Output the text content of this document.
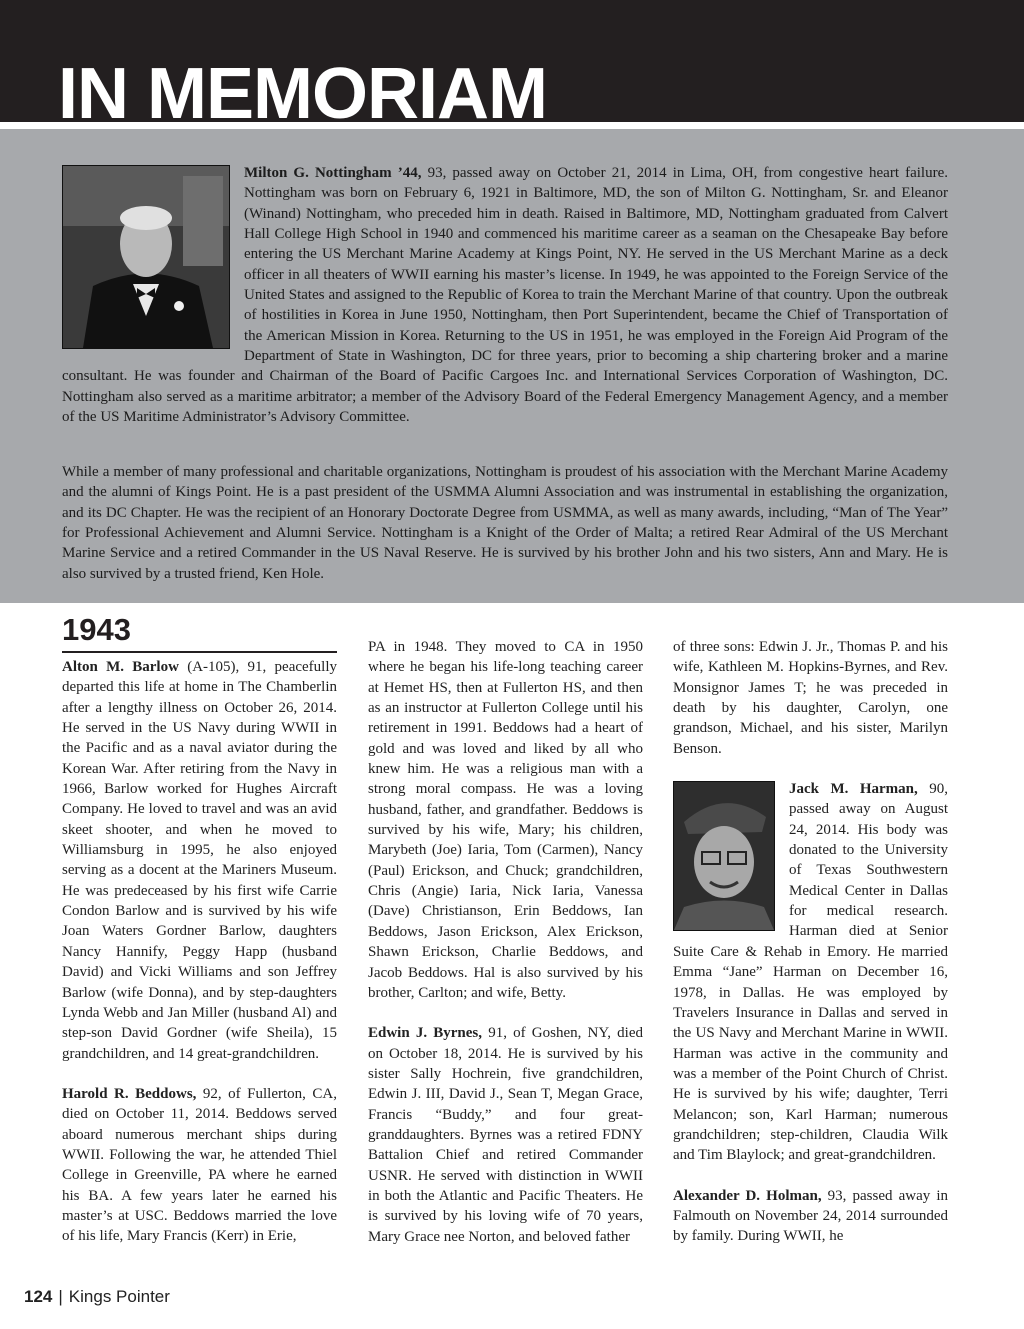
IN MEMORIAM
Milton G. Nottingham ’44, 93, passed away on October 21, 2014 in Lima, OH, from congestive heart failure. Nottingham was born on February 6, 1921 in Baltimore, MD, the son of Milton G. Nottingham, Sr. and Eleanor (Winand) Nottingham, who preceded him in death. Raised in Baltimore, MD, Nottingham graduated from Calvert Hall College High School in 1940 and commenced his maritime career as a seaman on the Chesapeake Bay before entering the US Merchant Marine Academy at Kings Point, NY. He served in the US Merchant Marine as a deck officer in all theaters of WWII earning his master’s license. In 1949, he was appointed to the Foreign Service of the United States and assigned to the Republic of Korea to train the Merchant Marine of that country. Upon the outbreak of hostilities in Korea in June 1950, Nottingham, then Port Superintendent, became the Chief of Transportation of the American Mission in Korea. Returning to the US in 1951, he was employed in the Foreign Aid Program of the Department of State in Washington, DC for three years, prior to becoming a ship chartering broker and a marine consultant. He was founder and Chairman of the Board of Pacific Cargoes Inc. and International Services Corporation of Washington, DC. Nottingham also served as a maritime arbitrator; a member of the Advisory Board of the Federal Emergency Management Agency, and a member of the US Maritime Administrator’s Advisory Committee.
While a member of many professional and charitable organizations, Nottingham is proudest of his association with the Merchant Marine Academy and the alumni of Kings Point. He is a past president of the USMMA Alumni Association and was instrumental in establishing the organization, and its DC Chapter. He was the recipient of an Honorary Doctorate Degree from USMMA, as well as many awards, including, “Man of The Year” for Professional Achievement and Alumni Service. Nottingham is a Knight of the Order of Malta; a retired Rear Admiral of the US Merchant Marine Service and a retired Commander in the US Naval Reserve. He is survived by his brother John and his two sisters, Ann and Mary. He is also survived by a trusted friend, Ken Hole.
1943

Alton M. Barlow (A-105), 91, peacefully departed this life at home in The Chamberlin after a lengthy illness on October 26, 2014. He served in the US Navy during WWII in the Pacific and as a naval aviator during the Korean War. After retiring from the Navy in 1966, Barlow worked for Hughes Aircraft Company. He loved to travel and was an avid skeet shooter, and when he moved to Williamsburg in 1995, he also enjoyed serving as a docent at the Mariners Museum. He was predeceased by his first wife Carrie Condon Barlow and is survived by his wife Joan Waters Gordner Barlow, daughters Nancy Hannify, Peggy Happ (husband David) and Vicki Williams and son Jeffrey Barlow (wife Donna), and by step-daughters Lynda Webb and Jan Miller (husband Al) and step-son David Gordner (wife Sheila), 15 grandchildren, and 14 great-grandchildren.

Harold R. Beddows, 92, of Fullerton, CA, died on October 11, 2014. Beddows served aboard numerous merchant ships during WWII. Following the war, he attended Thiel College in Greenville, PA where he earned his BA. A few years later he earned his master’s at USC. Beddows married the love of his life, Mary Francis (Kerr) in Erie,

PA in 1948. They moved to CA in 1950 where he began his life-long teaching career at Hemet HS, then at Fullerton HS, and then as an instructor at Fullerton College until his retirement in 1991. Beddows had a heart of gold and was loved and liked by all who knew him. He was a religious man with a strong moral compass. He was a loving husband, father, and grandfather. Beddows is survived by his wife, Mary; his children, Marybeth (Joe) Iaria, Tom (Carmen), Nancy (Paul) Erickson, and Chuck; grandchildren, Chris (Angie) Iaria, Nick Iaria, Vanessa (Dave) Christianson, Erin Beddows, Ian Beddows, Jason Erickson, Alex Erickson, Shawn Erickson, Charlie Beddows, and Jacob Beddows. Hal is also survived by his brother, Carlton; and wife, Betty.

Edwin J. Byrnes, 91, of Goshen, NY, died on October 18, 2014. He is survived by his sister Sally Hochrein, five grandchildren, Edwin J. III, David J., Sean T, Megan Grace, Francis “Buddy,” and four great-granddaughters. Byrnes was a retired FDNY Battalion Chief and retired Commander USNR. He served with distinction in WWII in both the Atlantic and Pacific Theaters. He is survived by his loving wife of 70 years, Mary Grace nee Norton, and beloved father

of three sons: Edwin J. Jr., Thomas P. and his wife, Kathleen M. Hopkins-Byrnes, and Rev. Monsignor James T; he was preceded in death by his daughter, Carolyn, one grandson, Michael, and his sister, Marilyn Benson.

Jack M. Harman, 90, passed away on August 24, 2014. His body was donated to the University of Texas Southwestern Medical Center in Dallas for medical research. Harman died at Senior Suite Care & Rehab in Emory. He married Emma “Jane” Harman on December 16, 1978, in Dallas. He was employed by Travelers Insurance in Dallas and served in the US Navy and Merchant Marine in WWII. Harman was active in the community and was a member of the Point Church of Christ. He is survived by his wife; daughter, Terri Melancon; son, Karl Harman; numerous grandchildren; step-children, Claudia Wilk and Tim Blaylock; and great-grandchildren.

Alexander D. Holman, 93, passed away in Falmouth on November 24, 2014 surrounded by family. During WWII, he

124 | Kings Pointer
